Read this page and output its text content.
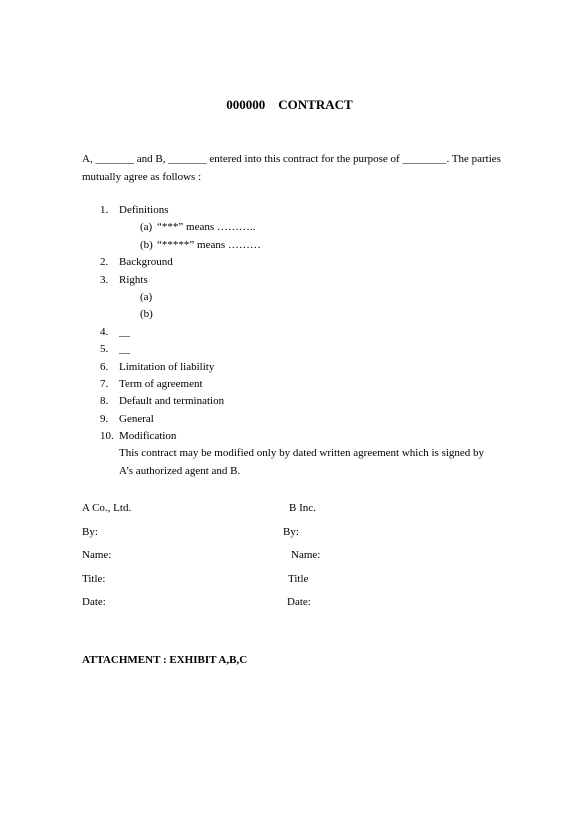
000000    CONTRACT
A, _______ and B, _______ entered into this contract for the purpose of ________. The parties mutually agree as follows :
1. Definitions
(a) “***” means ………..
(b) “*****” means ………
2. Background
3. Rights
(a)
(b)
4. __
5. __
6. Limitation of liability
7. Term of agreement
8. Default and termination
9. General
10. Modification
This contract may be modified only by dated written agreement which is signed by A’s authorized agent and B.
A Co., Ltd.	B Inc.
By:	By:
Name:	Name:
Title:	Title
Date:	Date:
ATTACHMENT : EXHIBIT A,B,C
